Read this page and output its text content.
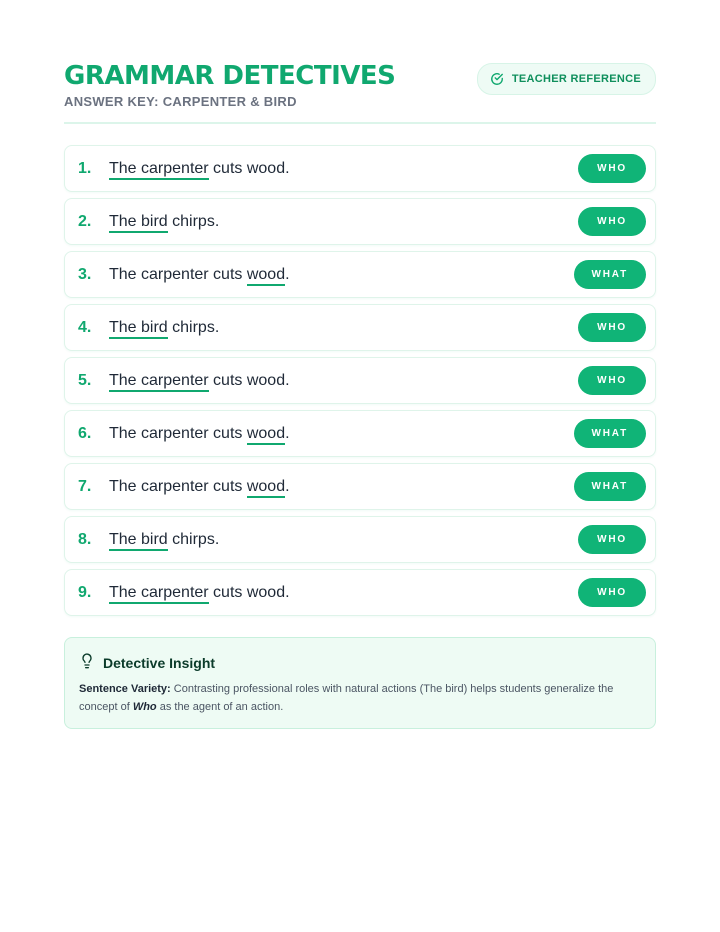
GRAMMAR DETECTIVES
ANSWER KEY: CARPENTER & BIRD
TEACHER REFERENCE
1. The carpenter cuts wood.	WHO
2. The bird chirps.	WHO
3. The carpenter cuts wood.	WHAT
4. The bird chirps.	WHO
5. The carpenter cuts wood.	WHO
6. The carpenter cuts wood.	WHAT
7. The carpenter cuts wood.	WHAT
8. The bird chirps.	WHO
9. The carpenter cuts wood.	WHO
Detective Insight
Sentence Variety: Contrasting professional roles with natural actions (The bird) helps students generalize the concept of Who as the agent of an action.
